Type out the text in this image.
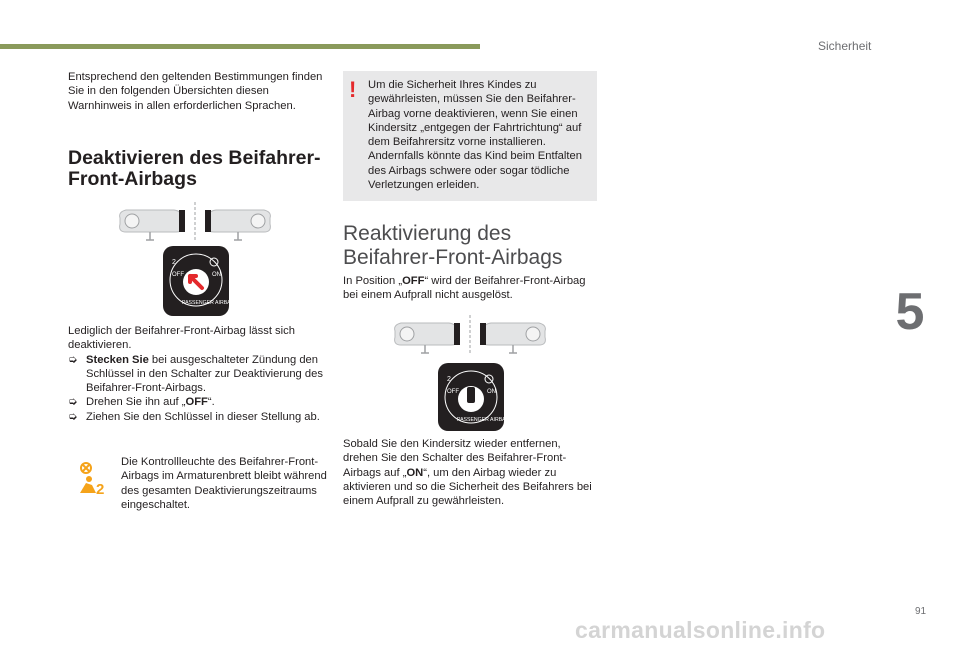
Sicherheit
5
91
carmanualsonline.info
Entsprechend den geltenden Bestimmungen finden Sie in den folgenden Übersichten diesen Warnhinweis in allen erforderlichen Sprachen.
Deaktivieren des Beifahrer-
Front-Airbags
OFF	ON
2
PASSENGER AIRBAG
Lediglich der Beifahrer-Front-Airbag lässt sich deaktivieren.
➭ Stecken Sie bei ausgeschalteter Zündung den Schlüssel in den Schalter zur Deaktivierung des Beifahrer-Front-Airbags.
➭ Drehen Sie ihn auf „OFF“.
➭ Ziehen Sie den Schlüssel in dieser Stellung ab.
2
Die Kontrollleuchte des Beifahrer-Front-Airbags im Armaturenbrett bleibt während des gesamten Deaktivierungszeitraums eingeschaltet.
! Um die Sicherheit Ihres Kindes zu gewährleisten, müssen Sie den Beifahrer-Airbag vorne deaktivieren, wenn Sie einen Kindersitz „entgegen der Fahrtrichtung“ auf dem Beifahrersitz vorne installieren. Andernfalls könnte das Kind beim Entfalten des Airbags schwere oder sogar tödliche Verletzungen erleiden.
Reaktivierung des
Beifahrer-Front-Airbags
In Position „OFF“ wird der Beifahrer-Front-Airbag bei einem Aufprall nicht ausgelöst.
OFF	ON
2
PASSENGER AIRBAG
Sobald Sie den Kindersitz wieder entfernen, drehen Sie den Schalter des Beifahrer-Front-Airbags auf „ON“, um den Airbag wieder zu aktivieren und so die Sicherheit des Beifahrers bei einem Aufprall zu gewährleisten.
